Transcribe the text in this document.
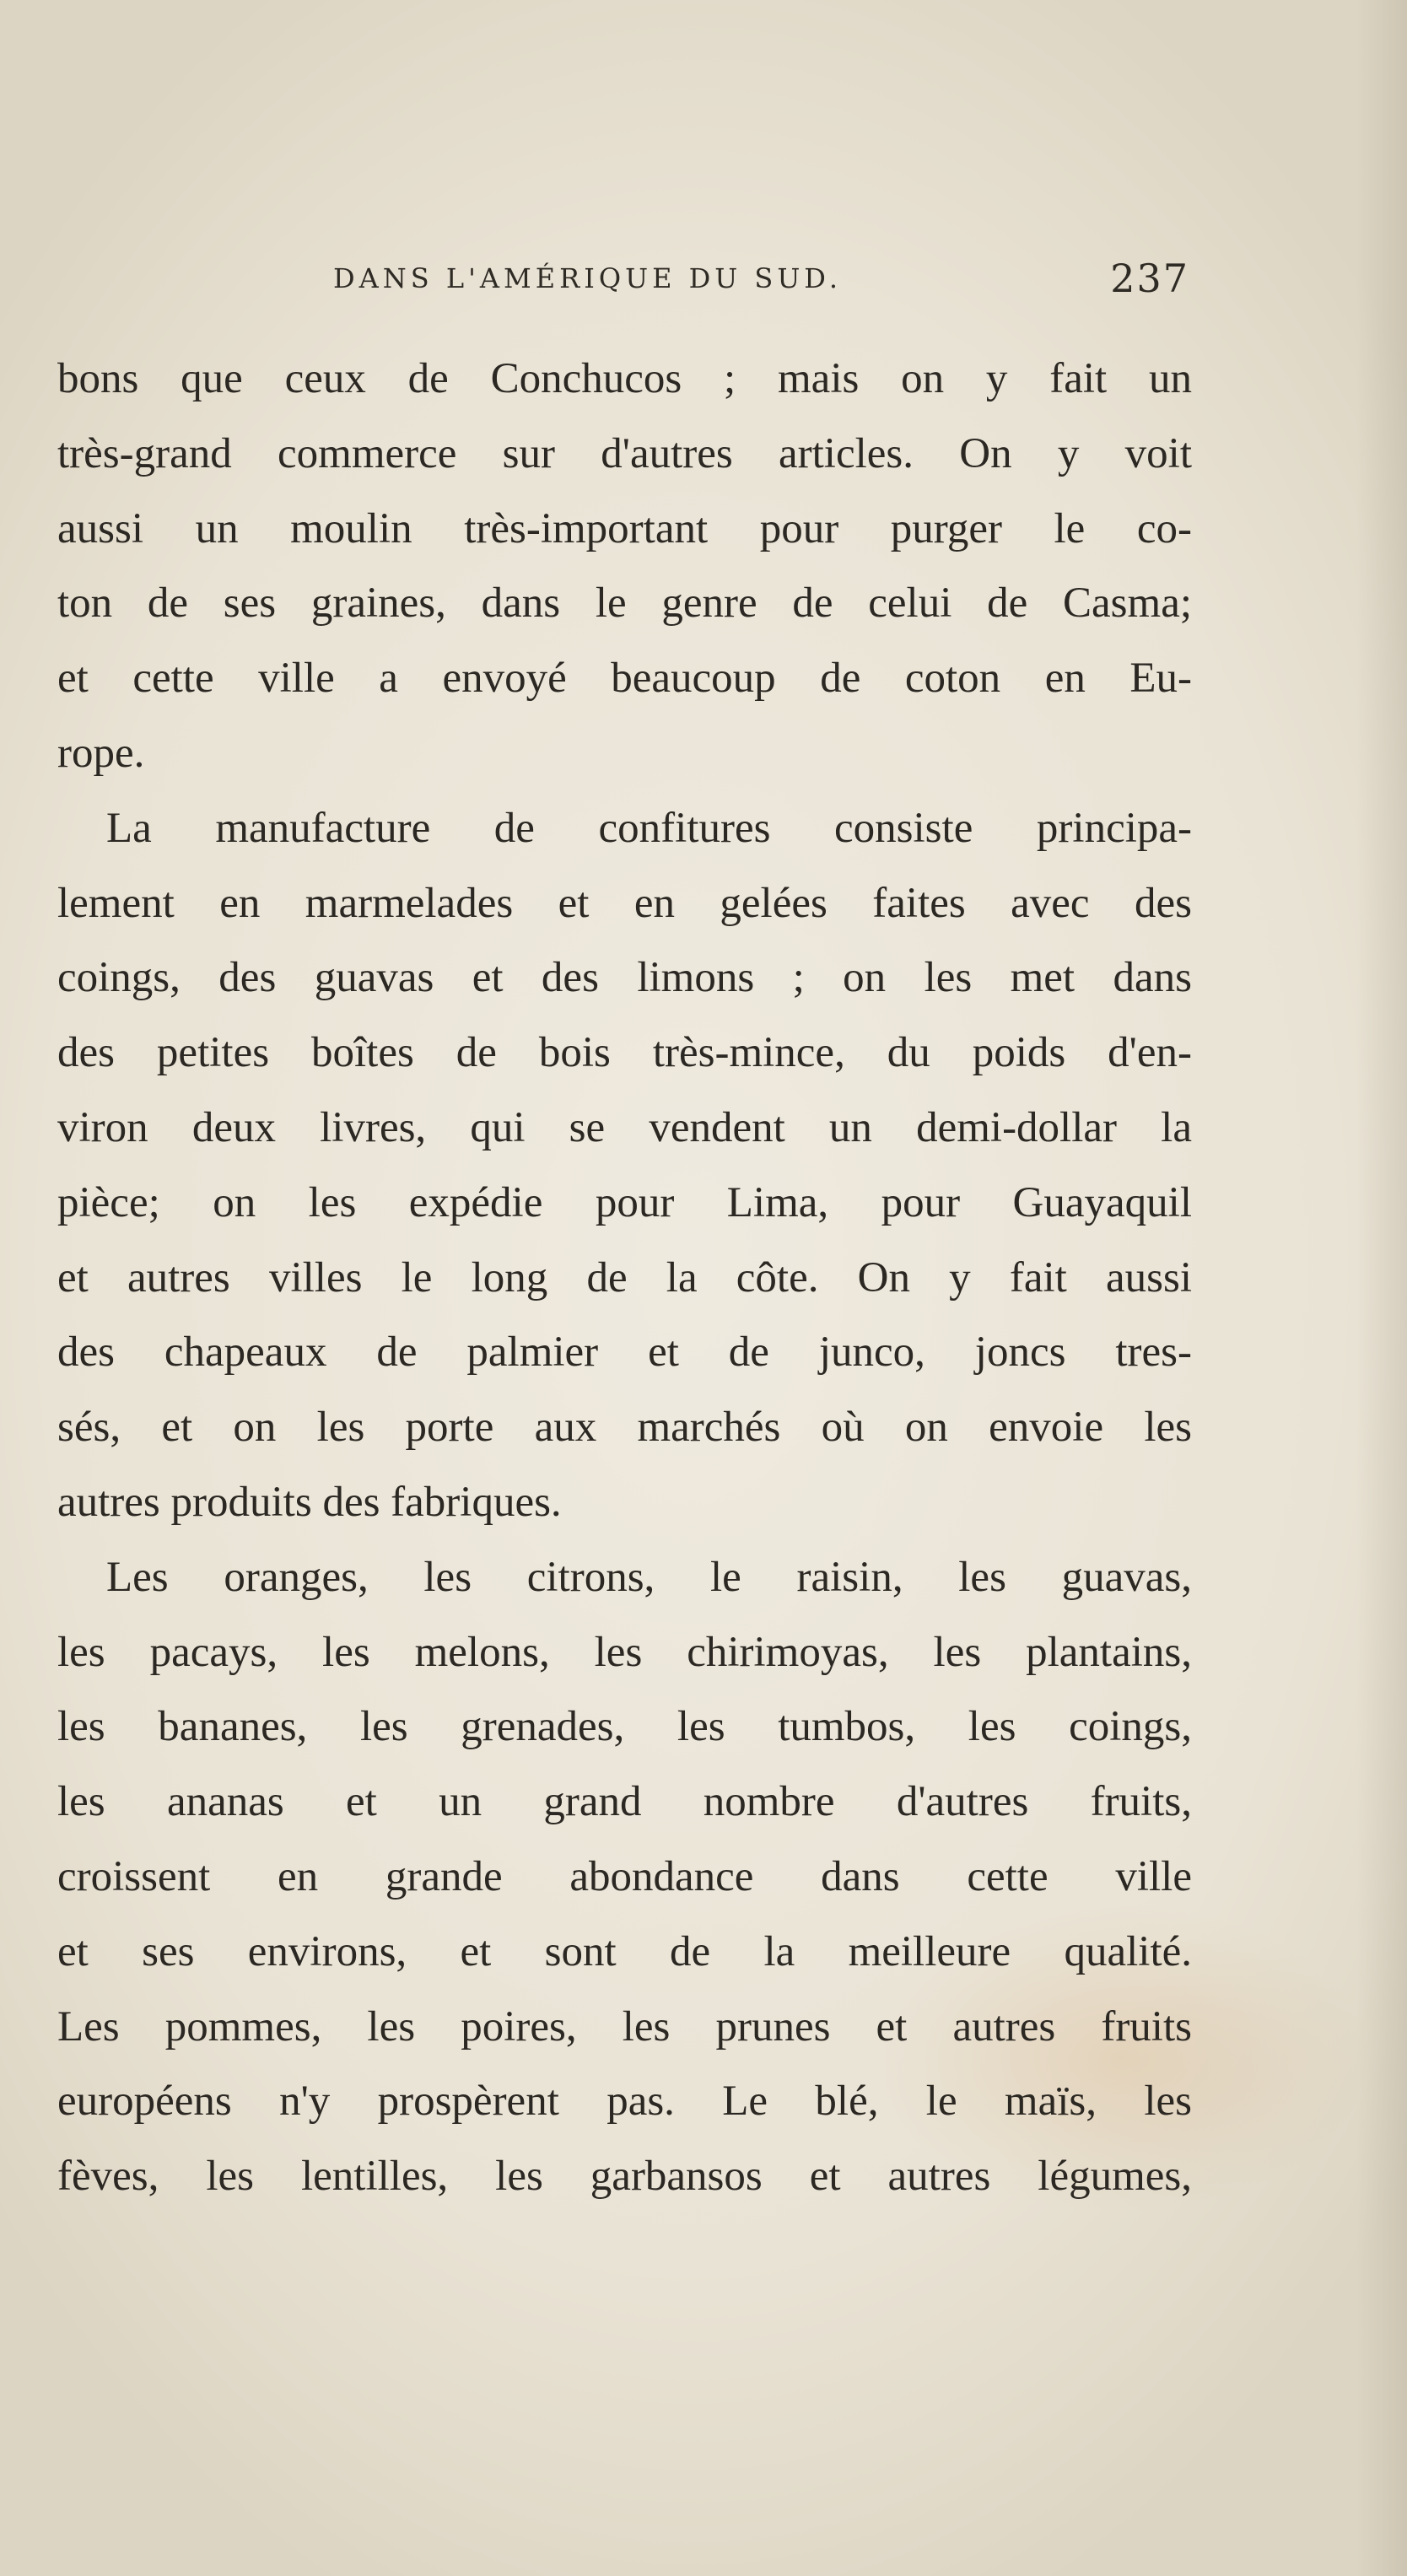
DANS L'AMÉRIQUE DU SUD.	237
bons que ceux de Conchucos ; mais on y fait un
très-grand commerce sur d'autres articles. On y voit
aussi un moulin très-important pour purger le co-
ton de ses graines, dans le genre de celui de Casma;
et cette ville a envoyé beaucoup de coton en Eu-
rope.
La manufacture de confitures consiste principa-
lement en marmelades et en gelées faites avec des
coings, des guavas et des limons ; on les met dans
des petites boîtes de bois très-mince, du poids d'en-
viron deux livres, qui se vendent un demi-dollar la
pièce; on les expédie pour Lima, pour Guayaquil
et autres villes le long de la côte. On y fait aussi
des chapeaux de palmier et de junco, joncs tres-
sés, et on les porte aux marchés où on envoie les
autres produits des fabriques.
Les oranges, les citrons, le raisin, les guavas,
les pacays, les melons, les chirimoyas, les plantains,
les bananes, les grenades, les tumbos, les coings,
les ananas et un grand nombre d'autres fruits,
croissent en grande abondance dans cette ville
et ses environs, et sont de la meilleure qualité.
Les pommes, les poires, les prunes et autres fruits
européens n'y prospèrent pas. Le blé, le maïs, les
fèves, les lentilles, les garbansos et autres légumes,
